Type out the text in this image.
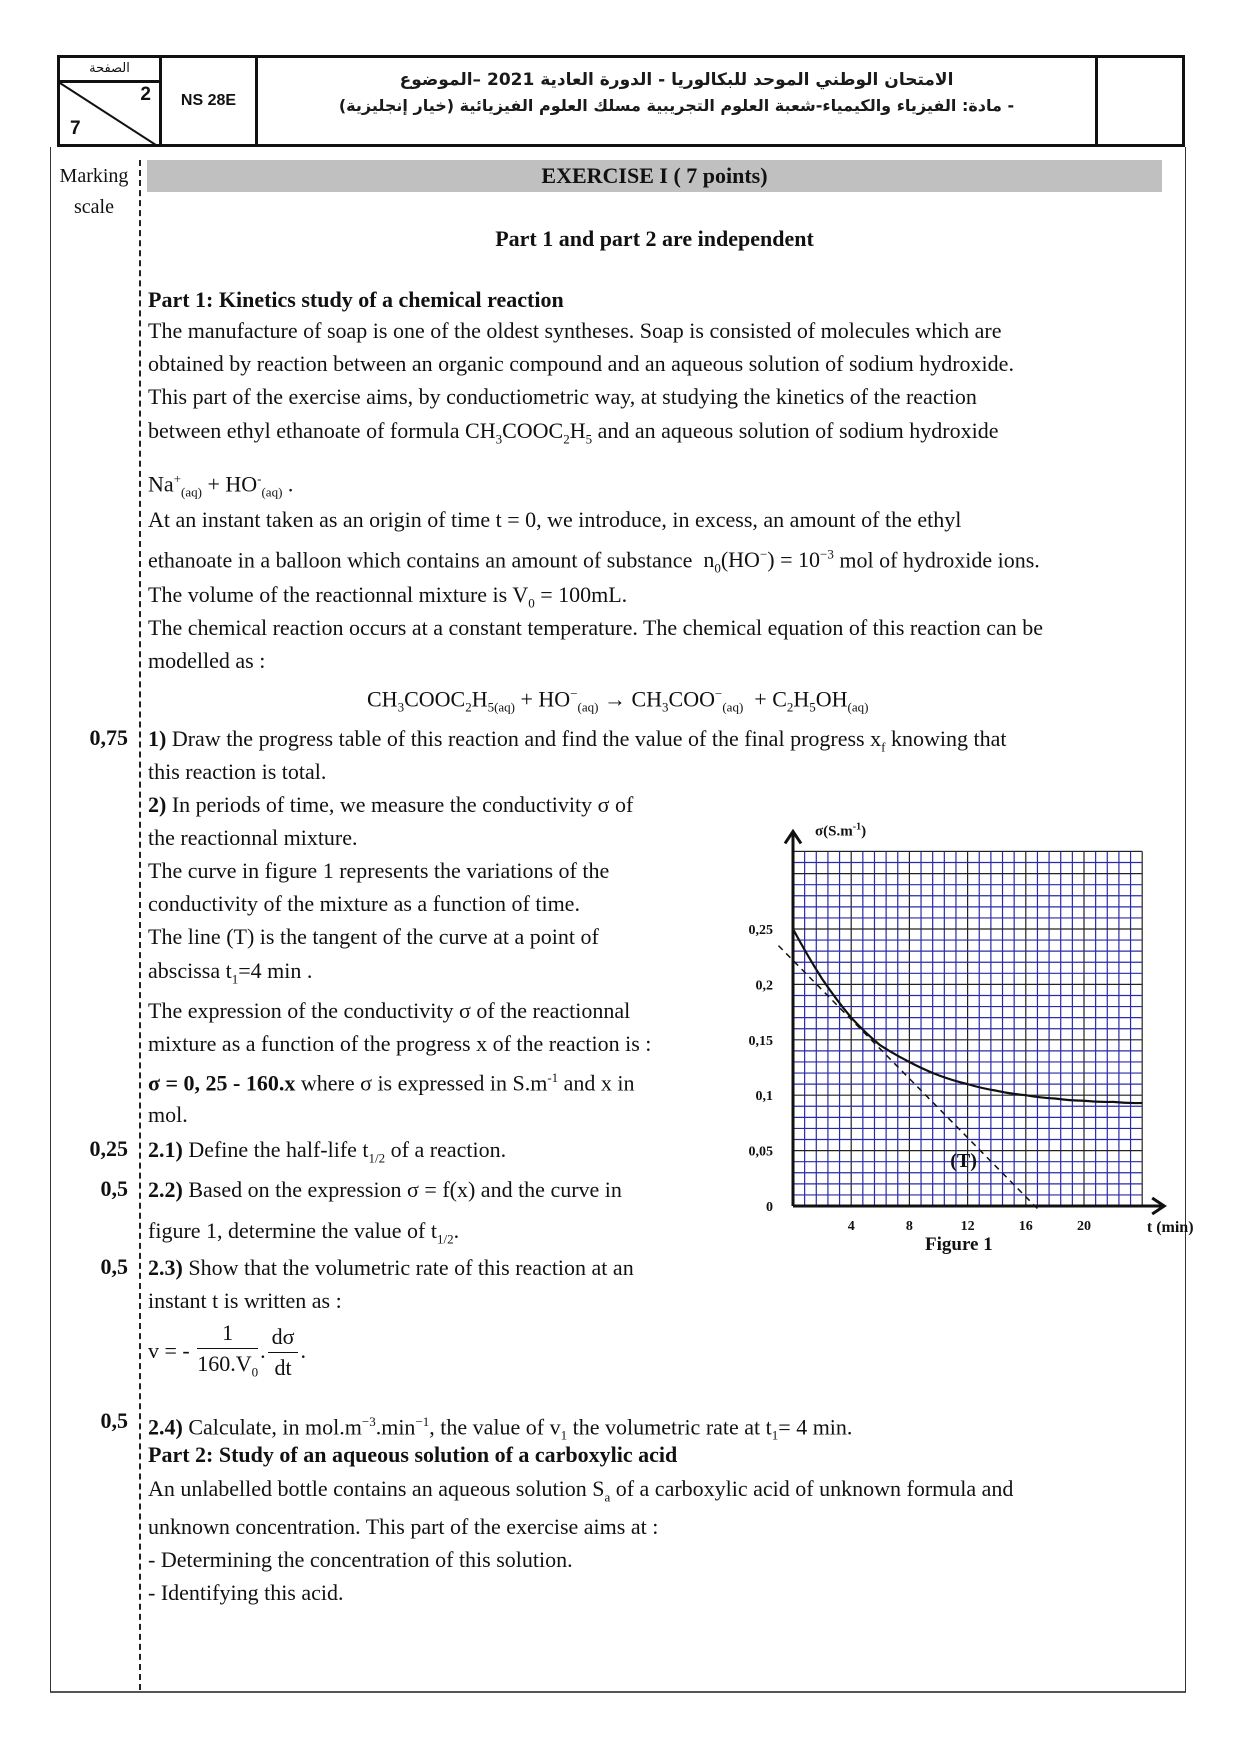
الصفحة
2
7
NS 28E
الامتحان الوطني الموحد للبكالوريا - الدورة العادية 2021 –الموضوع
- مادة: الفيزياء والكيمياء-شعبة العلوم التجريبية مسلك العلوم الفيزيائية (خيار إنجليزية)
Marking
scale
EXERCISE I ( 7 points)
Part 1 and part 2 are independent
Part 1: Kinetics study of a chemical reaction
The manufacture of soap is one of the oldest syntheses. Soap is consisted of molecules which are
obtained by reaction between an organic compound and an aqueous solution of sodium hydroxide.
This part of the exercise aims, by conductiometric way, at studying the kinetics of the reaction
between ethyl ethanoate of formula $CH_3COOC_2H_5$ and an aqueous solution of sodium hydroxide
$Na^+_{(aq)} + HO^-_{(aq)}$ .
At an instant taken as an origin of time t = 0, we introduce, in excess, an amount of the ethyl
ethanoate in a balloon which contains an amount of substance  $n_0(HO^-) = 10^{-3}$ mol of hydroxide ions.
The volume of the reactionnal mixture is $V_0 = 100mL$.
The chemical reaction occurs at a constant temperature. The chemical equation of this reaction can be
modelled as :
$CH_3COOC_2H_{5(aq)} + HO^-_{(aq)} \to CH_3COO^-_{(aq)} + C_2H_5OH_{(aq)}$
0,75 1) Draw the progress table of this reaction and find the value of the final progress $x_f$ knowing that
this reaction is total.
2) In periods of time, we measure the conductivity σ of
the reactionnal mixture.
The curve in figure 1 represents the variations of the
conductivity of the mixture as a function of time.
The line (T) is the tangent of the curve at a point of
abscissa $t_1=4$ min .
The expression of the conductivity σ of the reactionnal
mixture as a function of the progress x of the reaction is :
σ = 0, 25 - 160.x where σ is expressed in $S.m^{-1}$ and x in
mol.
0,25 2.1) Define the half-life $t_{1/2}$ of a reaction.
0,5 2.2) Based on the expression σ = f(x) and the curve in
figure 1, determine the value of $t_{1/2}$.
0,5 2.3) Show that the volumetric rate of this reaction at an
instant t is written as :
v = - $\frac{1}{160.V_0}$ . $\frac{d\sigma}{dt}$ .
0,5 2.4) Calculate, in $mol.m^{-3}.\min^{-1}$, the value of $v_1$ the volumetric rate at $t_1= 4$ min.
Part 2: Study of an aqueous solution of a carboxylic acid
An unlabelled bottle contains an aqueous solution $S_a$ of a carboxylic acid of unknown formula and
unknown concentration. This part of the exercise aims at :
- Determining the concentration of this solution.
- Identifying this acid.
0
0,05
0,1
0,15
0,2
0,25
4	8	12	16	20	t (min)
$\sigma(S.m^{-1})$
(T)
Figure 1
